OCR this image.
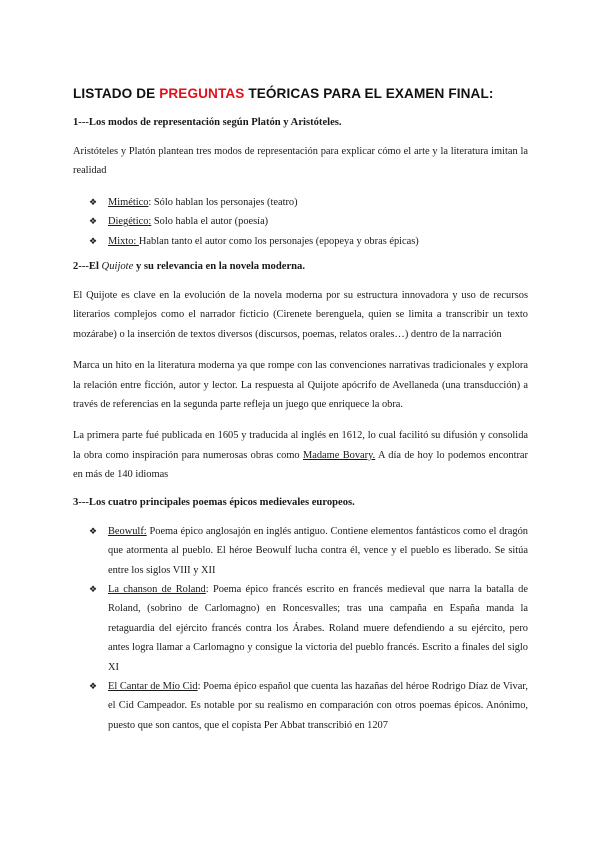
LISTADO DE PREGUNTAS TEÓRICAS PARA EL EXAMEN FINAL:
1---Los modos de representación según Platón y Aristóteles.

Aristóteles y Platón plantean tres modos de representación para explicar cómo el arte y la literatura imitan la realidad

❖ Mimético: Sólo hablan los personajes (teatro)
❖ Diegético: Solo habla el autor (poesía)
❖ Mixto: Hablan tanto el autor como los personajes (epopeya y obras épicas)
2---El Quijote y su relevancia en la novela moderna.

El Quijote es clave en la evolución de la novela moderna por su estructura innovadora y uso de recursos literarios complejos como el narrador ficticio (Cirenete berenguela, quien se limita a transcribir un texto mozárabe) o la inserción de textos diversos (discursos, poemas, relatos orales…) dentro de la narración

Marca un hito en la literatura moderna ya que rompe con las convenciones narrativas tradicionales y explora la relación entre ficción, autor y lector. La respuesta al Quijote apócrifo de Avellaneda (una transducción) a través de referencias en la segunda parte refleja un juego que enriquece la obra.

La primera parte fué publicada en 1605 y traducida al inglés en 1612, lo cual facilitó su difusión y consolida la obra como inspiración para numerosas obras como Madame Bovary. A día de hoy lo podemos encontrar en más de 140 idiomas

3---Los cuatro principales poemas épicos medievales europeos.
❖ Beowulf: Poema épico anglosajón en inglés antiguo. Contiene elementos fantásticos como el dragón que atormenta al pueblo. El héroe Beowulf lucha contra él, vence y el pueblo es liberado. Se sitúa entre los siglos VIII y XII
❖ La chanson de Roland: Poema épico francés escrito en francés medieval que narra la batalla de Roland, (sobrino de Carlomagno) en Roncesvalles; tras una campaña en España manda la retaguardia del ejército francés contra los Árabes. Roland muere defendiendo a su ejército, pero antes logra llamar a Carlomagno y consigue la victoria del pueblo francés. Escrito a finales del siglo XI
❖ El Cantar de Mío Cid: Poema épico español que cuenta las hazañas del héroe Rodrigo Díaz de Vivar, el Cid Campeador. Es notable por su realismo en comparación con otros poemas épicos. Anónimo, puesto que son cantos, que el copista Per Abbat transcribió en 1207
